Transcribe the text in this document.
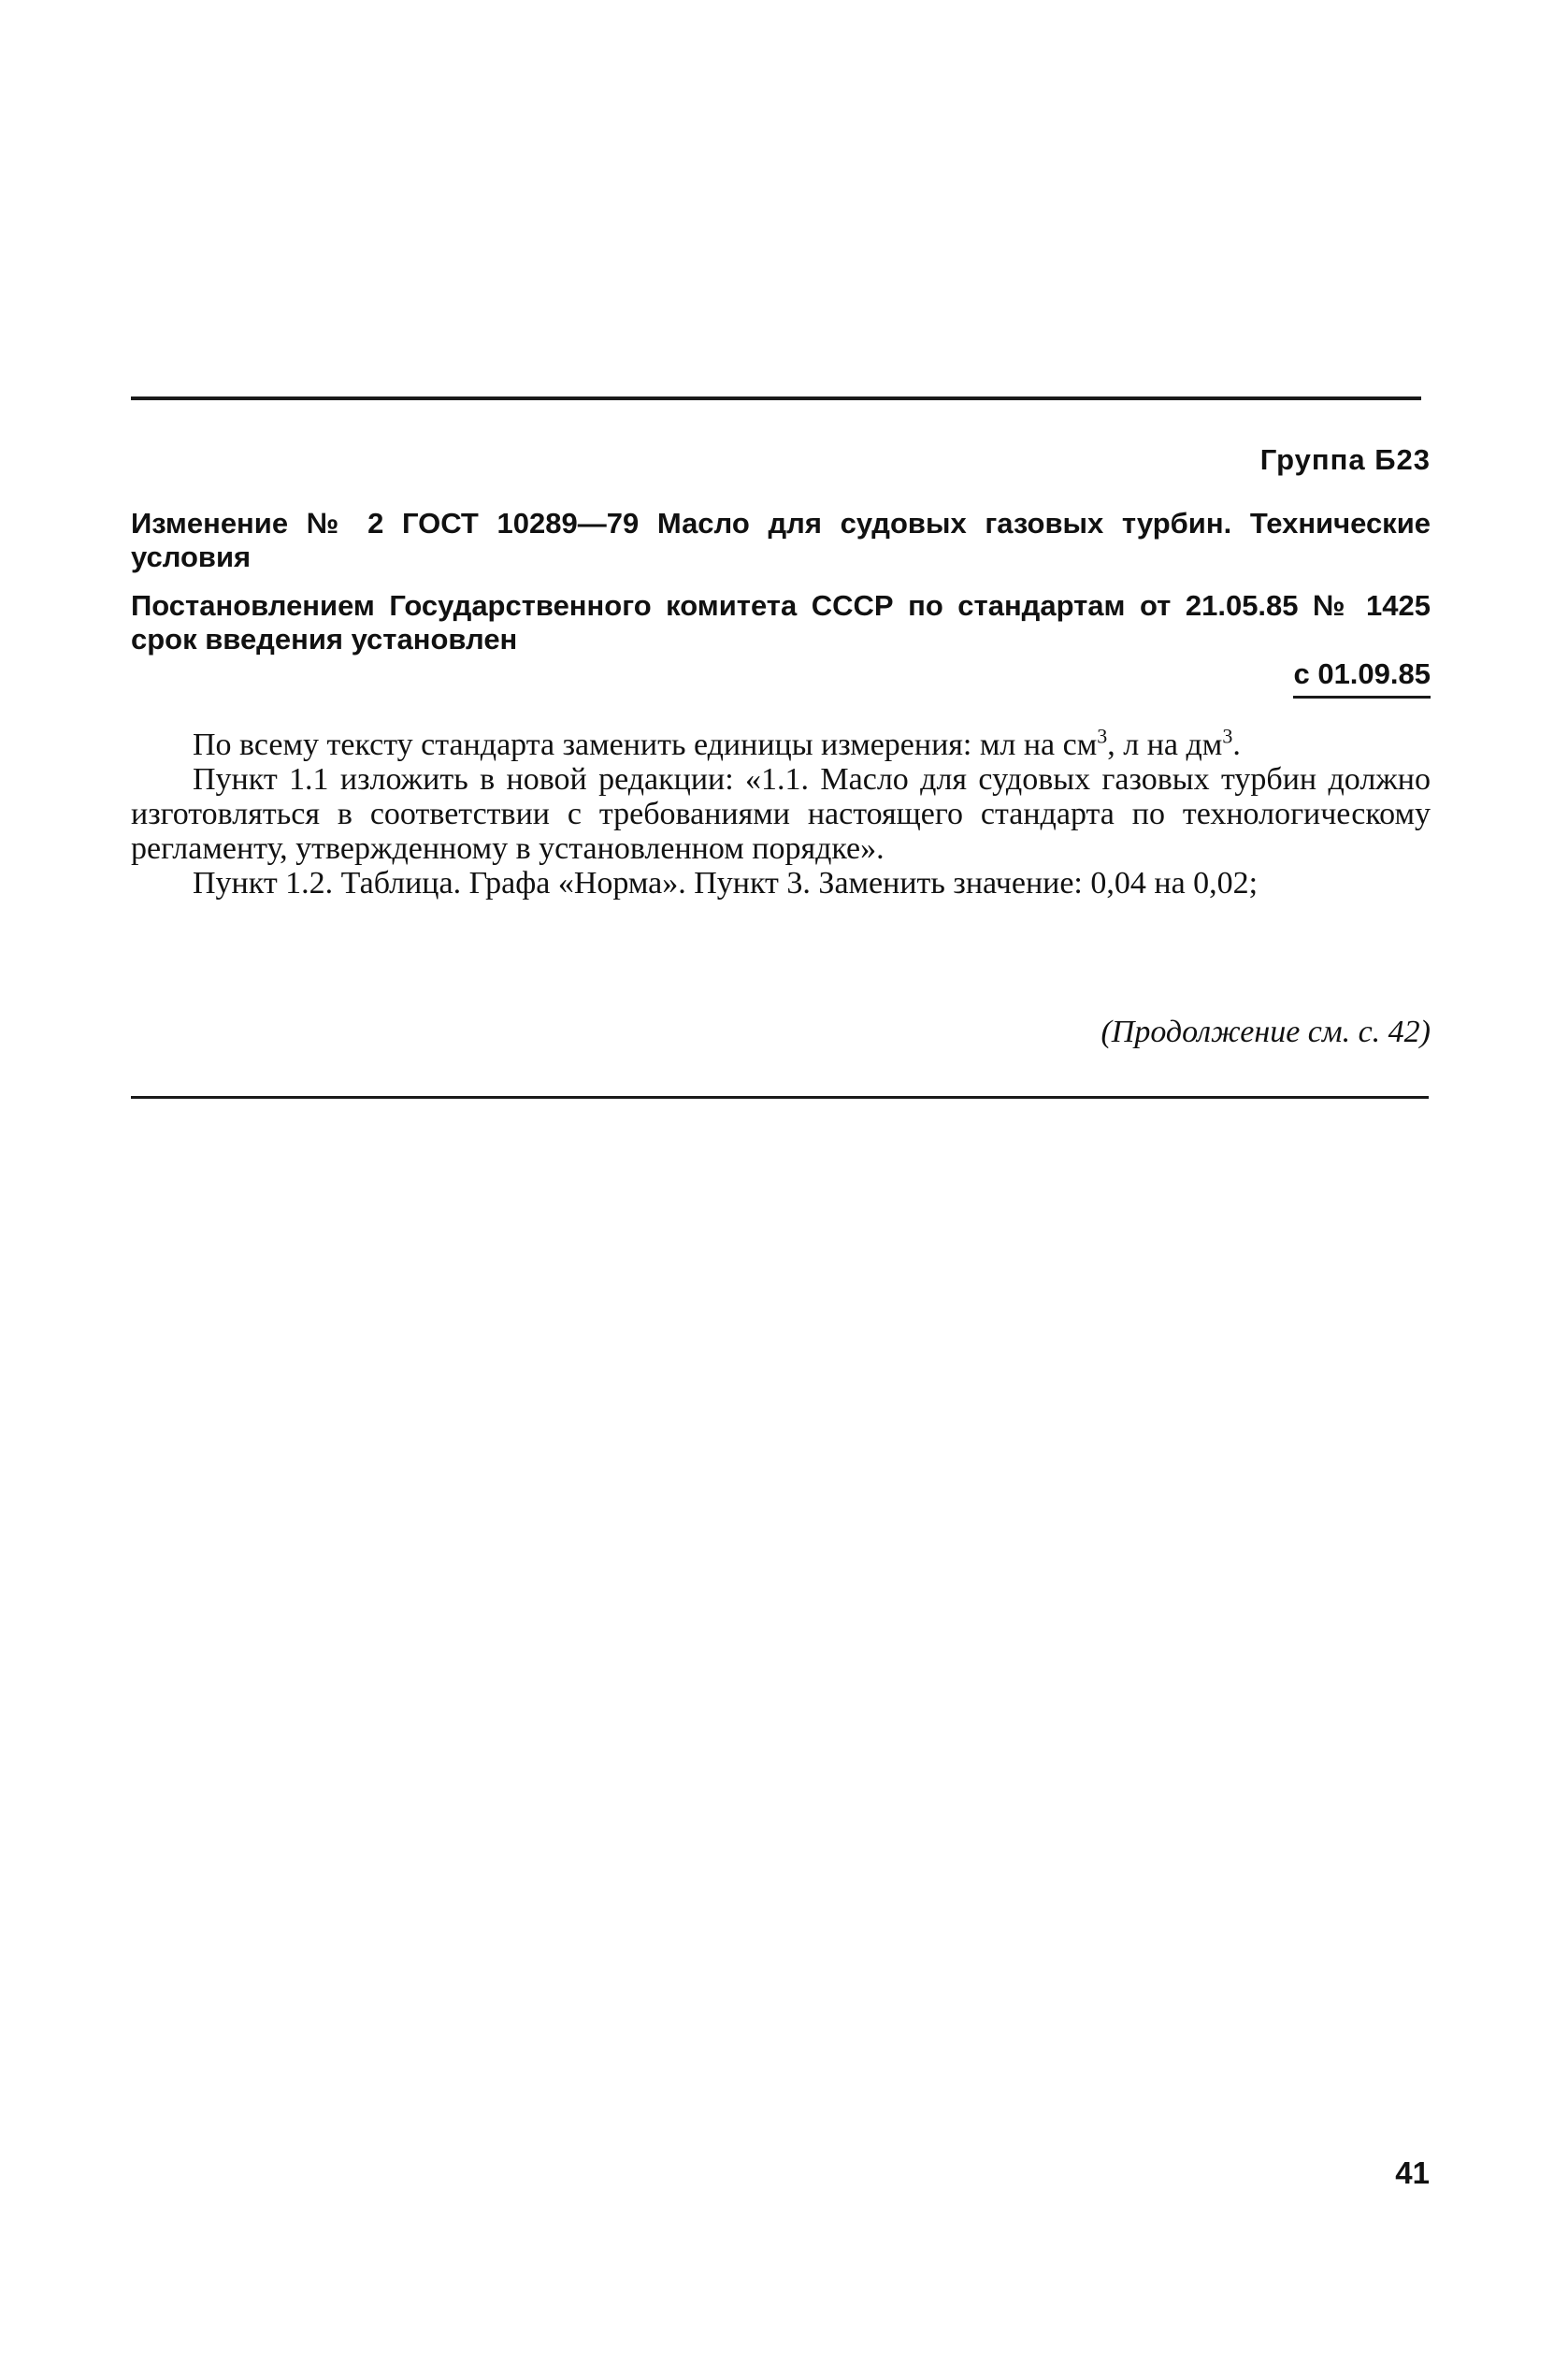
Группа Б23

Изменение № 2 ГОСТ 10289—79 Масло для судовых газовых турбин. Технические условия

Постановлением Государственного комитета СССР по стандартам от 21.05.85 № 1425 срок введения установлен

с 01.09.85

По всему тексту стандарта заменить единицы измерения: мл на $см^3$, л на $дм^3$.

Пункт 1.1 изложить в новой редакции: «1.1. Масло для судовых газовых турбин должно изготовляться в соответствии с требованиями настоящего стандарта по технологическому регламенту, утвержденному в установленном порядке».

Пункт 1.2. Таблица. Графа «Норма». Пункт 3. Заменить значение: 0,04 на 0,02;

(Продолжение см. с. 42)
41
